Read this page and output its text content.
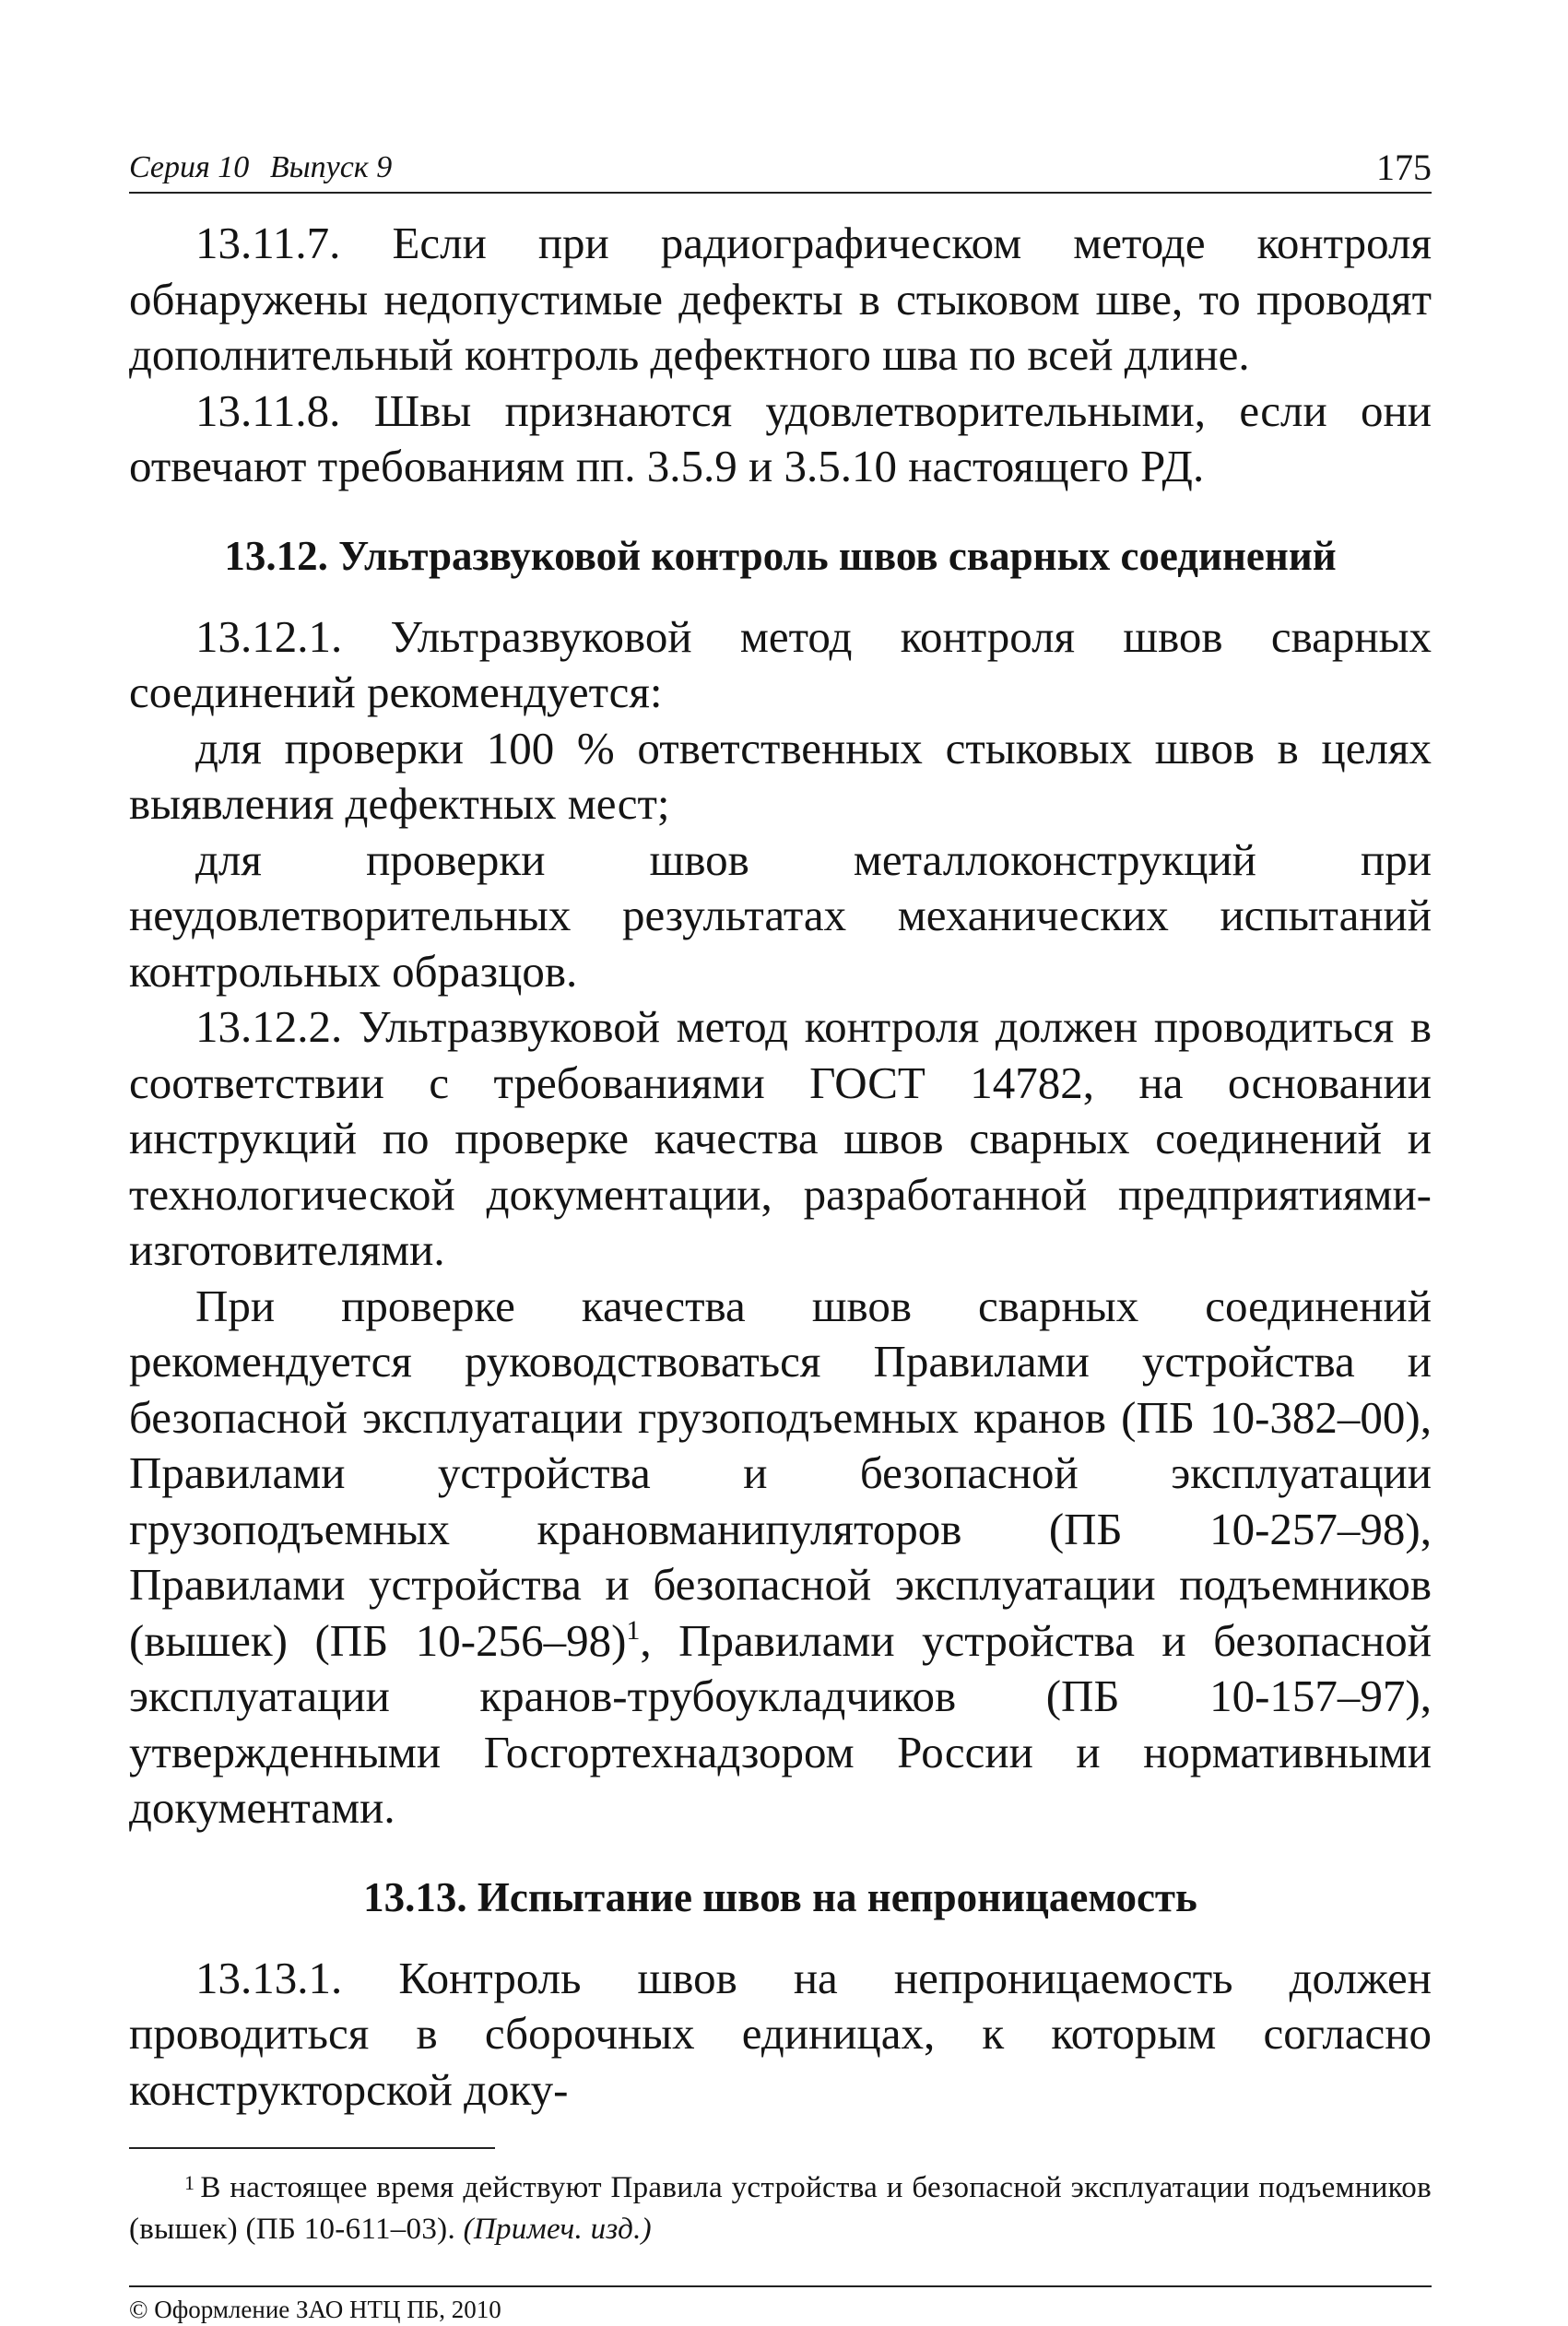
Серия 10 Выпуск 9	175

13.11.7. Если при радиографическом методе контроля обнаружены недопустимые дефекты в стыковом шве, то проводят дополнительный контроль дефектного шва по всей длине.

13.11.8. Швы признаются удовлетворительными, если они отвечают требованиям пп. 3.5.9 и 3.5.10 настоящего РД.

13.12. Ультразвуковой контроль швов сварных соединений

13.12.1. Ультразвуковой метод контроля швов сварных соединений рекомендуется:

для проверки 100 % ответственных стыковых швов в целях выявления дефектных мест;

для проверки швов металлоконструкций при неудовлетворительных результатах механических испытаний контрольных образцов.

13.12.2. Ультразвуковой метод контроля должен проводиться в соответствии с требованиями ГОСТ 14782, на основании инструкций по проверке качества швов сварных соединений и технологической документации, разработанной предприятиями-изготовителями.

При проверке качества швов сварных соединений рекомендуется руководствоваться Правилами устройства и безопасной эксплуатации грузоподъемных кранов (ПБ 10-382–00), Правилами устройства и безопасной эксплуатации грузоподъемных крановманипуляторов (ПБ 10-257–98), Правилами устройства и безопасной эксплуатации подъемников (вышек) (ПБ 10-256–98)$^1$, Правилами устройства и безопасной эксплуатации кранов-трубоукладчиков (ПБ 10-157–97), утвержденными Госгортехнадзором России и нормативными документами.

13.13. Испытание швов на непроницаемость

13.13.1. Контроль швов на непроницаемость должен проводиться в сборочных единицах, к которым согласно конструкторской доку-

$^1$ В настоящее время действуют Правила устройства и безопасной эксплуатации подъемников (вышек) (ПБ 10-611–03). (Примеч. изд.)
© Оформление ЗАО НТЦ ПБ, 2010
